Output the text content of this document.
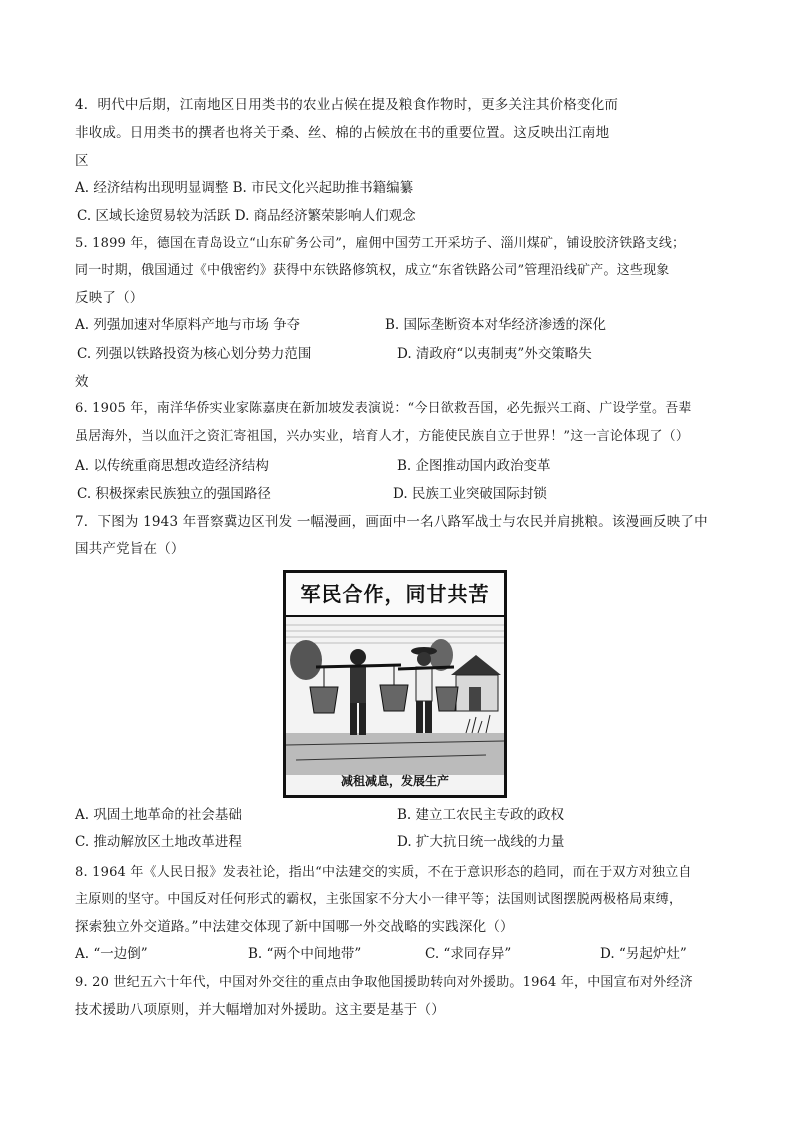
4．明代中后期，江南地区日用类书的农业占候在提及粮食作物时，更多关注其价格变化而
非收成。日用类书的撰者也将关于桑、丝、棉的占候放在书的重要位置。这反映出江南地
区
A. 经济结构出现明显调整 B. 市民文化兴起助推书籍编纂
C. 区域长途贸易较为活跃 D. 商品经济繁荣影响人们观念
5. 1899 年，德国在青岛设立“山东矿务公司”，雇佣中国劳工开采坊子、淄川煤矿，铺设胶济铁路支线；
同一时期，俄国通过《中俄密约》获得中东铁路修筑权，成立“东省铁路公司”管理沿线矿产。这些现象
反映了（）
A. 列强加速对华原料产地与市场 争夺	B. 国际垄断资本对华经济渗透的深化
C. 列强以铁路投资为核心划分势力范围	D. 清政府“以夷制夷”外交策略失
效
6. 1905 年，南洋华侨实业家陈嘉庚在新加坡发表演说：“今日欲救吾国，必先振兴工商、广设学堂。吾辈
虽居海外，当以血汗之资汇寄祖国，兴办实业，培育人才，方能使民族自立于世界！”这一言论体现了（）
A. 以传统重商思想改造经济结构	B. 企图推动国内政治变革
C. 积极探索民族独立的强国路径	D. 民族工业突破国际封锁
7．下图为 1943 年晋察冀边区刊发 一幅漫画，画面中一名八路军战士与农民并肩挑粮。该漫画反映了中
国共产党旨在（）
军民合作，同甘共苦
减租减息，发展生产
A. 巩固土地革命的社会基础	B. 建立工农民主专政的政权
C. 推动解放区土地改革进程	D. 扩大抗日统一战线的力量
8. 1964 年《人民日报》发表社论，指出“中法建交的实质，不在于意识形态的趋同，而在于双方对独立自
主原则的坚守。中国反对任何形式的霸权，主张国家不分大小一律平等；法国则试图摆脱两极格局束缚，
探索独立外交道路。”中法建交体现了新中国哪一外交战略的实践深化（）
A. “一边倒”	B. “两个中间地带”	C. “求同存异”	D. “另起炉灶”
9. 20 世纪五六十年代，中国对外交往的重点由争取他国援助转向对外援助。1964 年，中国宣布对外经济
技术援助八项原则，并大幅增加对外援助。这主要是基于（）
